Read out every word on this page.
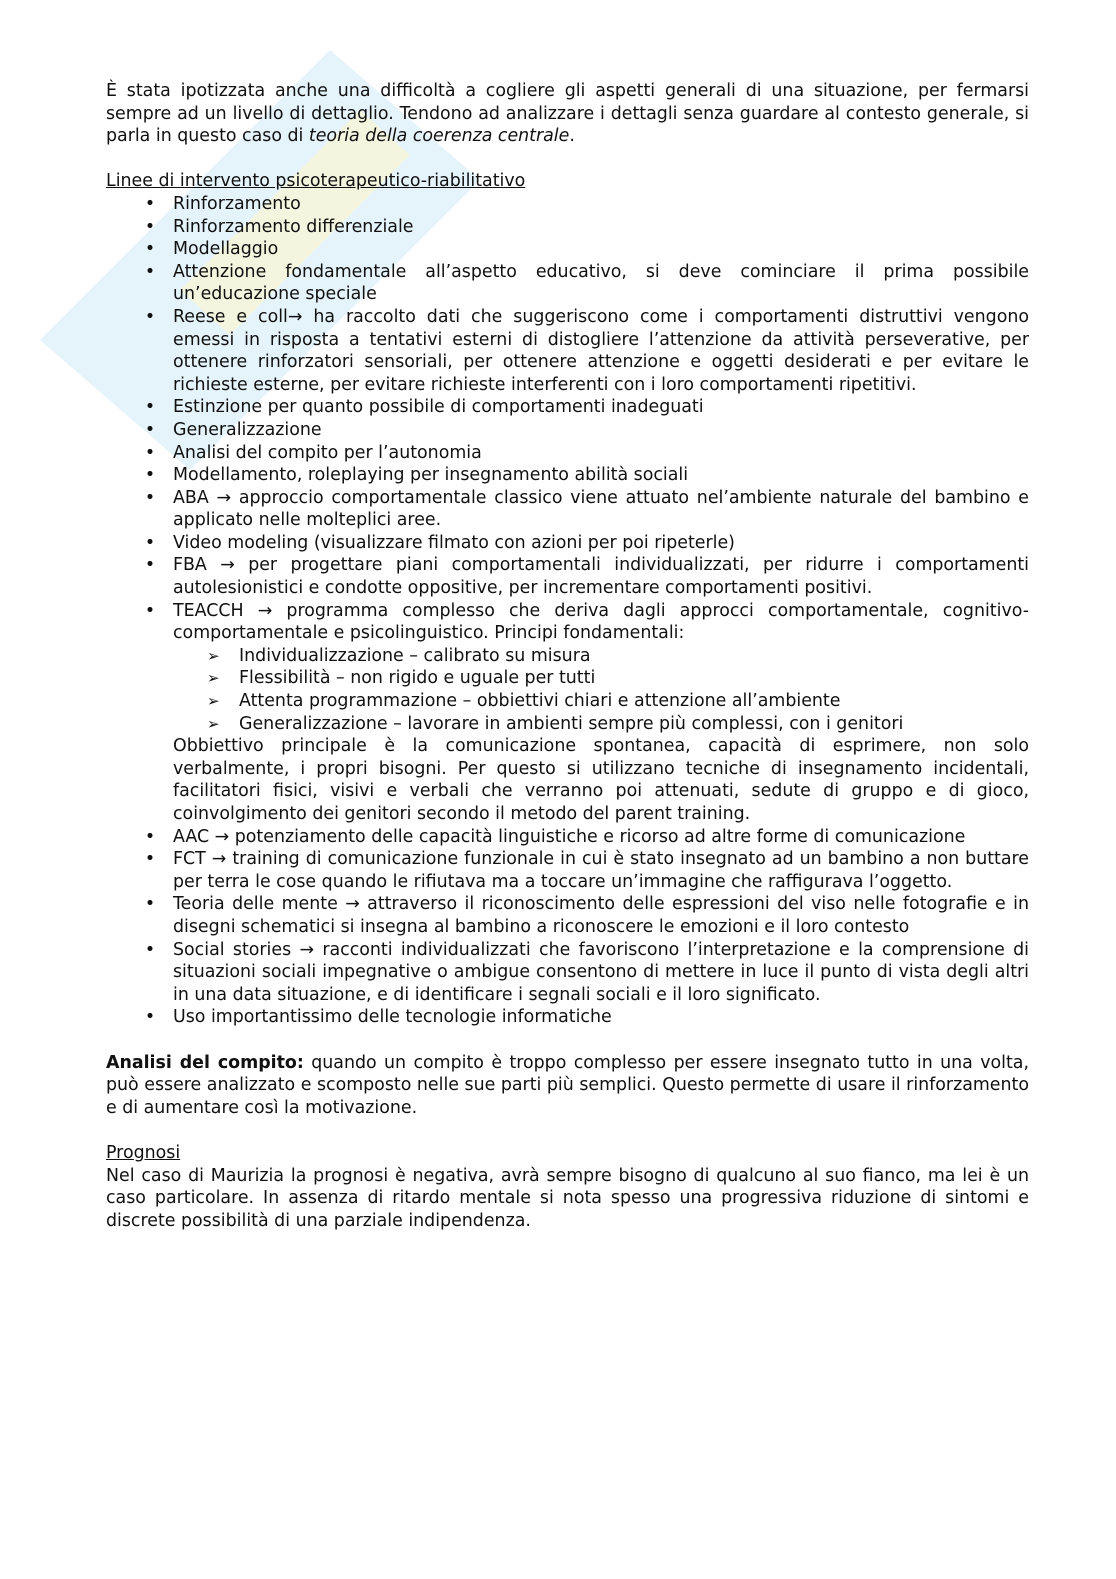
È stata ipotizzata anche una difficoltà a cogliere gli aspetti generali di una situazione, per fermarsi sempre ad un livello di dettaglio. Tendono ad analizzare i dettagli senza guardare al contesto generale, si parla in questo caso di teoria della coerenza centrale.

Linee di intervento psicoterapeutico-riabilitativo

• Rinforzamento
• Rinforzamento differenziale
• Modellaggio
• Attenzione fondamentale all’aspetto educativo, si deve cominciare il prima possibile un’educazione speciale
• Reese e coll→ ha raccolto dati che suggeriscono come i comportamenti distruttivi vengono emessi in risposta a tentativi esterni di distogliere l’attenzione da attività perseverative, per ottenere rinforzatori sensoriali, per ottenere attenzione e oggetti desiderati e per evitare le richieste esterne, per evitare richieste interferenti con i loro comportamenti ripetitivi.
• Estinzione per quanto possibile di comportamenti inadeguati
• Generalizzazione
• Analisi del compito per l’autonomia
• Modellamento, roleplaying per insegnamento abilità sociali
• ABA → approccio comportamentale classico viene attuato nel’ambiente naturale del bambino e applicato nelle molteplici aree.
• Video modeling (visualizzare filmato con azioni per poi ripeterle)
• FBA → per progettare piani comportamentali individualizzati, per ridurre i comportamenti autolesionistici e condotte oppositive, per incrementare comportamenti positivi.
• TEACCH → programma complesso che deriva dagli approcci comportamentale, cognitivo-comportamentale e psicolinguistico. Principi fondamentali:
➢ Individualizzazione – calibrato su misura
➢ Flessibilità – non rigido e uguale per tutti
➢ Attenta programmazione – obbiettivi chiari e attenzione all’ambiente
➢ Generalizzazione – lavorare in ambienti sempre più complessi, con i genitori
Obbiettivo principale è la comunicazione spontanea, capacità di esprimere, non solo verbalmente, i propri bisogni. Per questo si utilizzano tecniche di insegnamento incidentali, facilitatori fisici, visivi e verbali che verranno poi attenuati, sedute di gruppo e di gioco, coinvolgimento dei genitori secondo il metodo del parent training.
• AAC → potenziamento delle capacità linguistiche e ricorso ad altre forme di comunicazione
• FCT → training di comunicazione funzionale in cui è stato insegnato ad un bambino a non buttare per terra le cose quando le rifiutava ma a toccare un’immagine che raffigurava l’oggetto.
• Teoria delle mente → attraverso il riconoscimento delle espressioni del viso nelle fotografie e in disegni schematici si insegna al bambino a riconoscere le emozioni e il loro contesto
• Social stories → racconti individualizzati che favoriscono l’interpretazione e la comprensione di situazioni sociali impegnative o ambigue consentono di mettere in luce il punto di vista degli altri in una data situazione, e di identificare i segnali sociali e il loro significato.
• Uso importantissimo delle tecnologie informatiche

Analisi del compito: quando un compito è troppo complesso per essere insegnato tutto in una volta, può essere analizzato e scomposto nelle sue parti più semplici. Questo permette di usare il rinforzamento e di aumentare così la motivazione.

Prognosi

Nel caso di Maurizia la prognosi è negativa, avrà sempre bisogno di qualcuno al suo fianco, ma lei è un caso particolare. In assenza di ritardo mentale si nota spesso una progressiva riduzione di sintomi e discrete possibilità di una parziale indipendenza.
